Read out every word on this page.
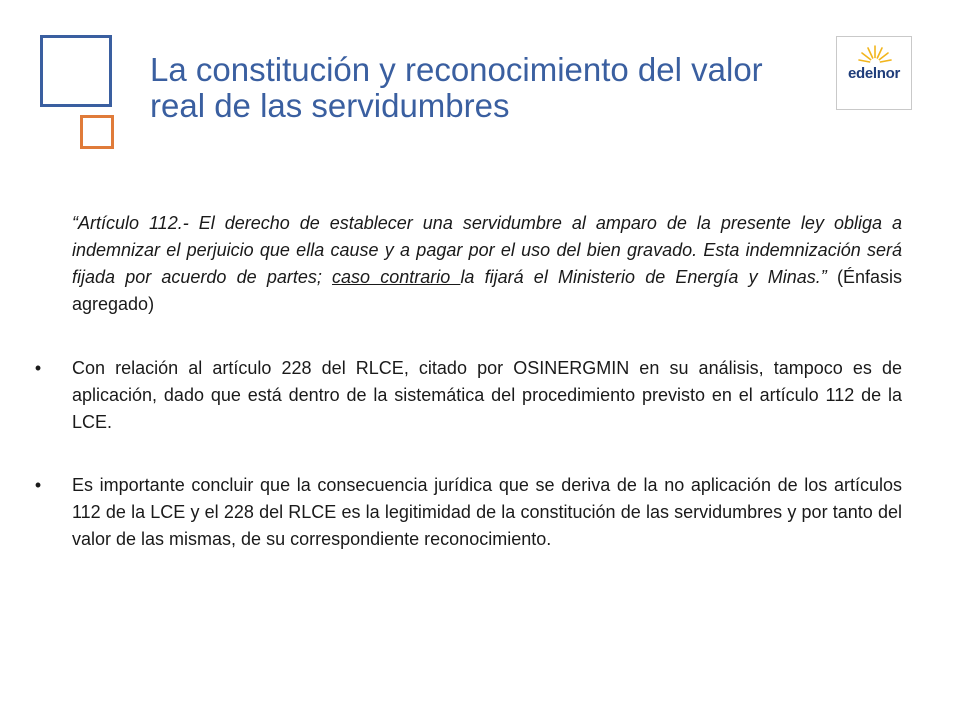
La constitución y reconocimiento del valor real de las servidumbres
edelnor

“Artículo 112.- El derecho de establecer una servidumbre al amparo de la presente ley obliga a indemnizar el perjuicio que ella cause y a pagar por el uso del bien gravado. Esta indemnización será fijada por acuerdo de partes; caso contrario la fijará el Ministerio de Energía y Minas.” (Énfasis agregado)

•	Con relación al artículo 228 del RLCE, citado por OSINERGMIN en su análisis, tampoco es de aplicación, dado que está dentro de la sistemática del procedimiento previsto en el artículo 112 de la LCE.
•	Es importante concluir que la consecuencia jurídica que se deriva de la no aplicación de los artículos 112 de la LCE y el 228 del RLCE es la legitimidad de la constitución de las servidumbres y por tanto del valor de las mismas, de su correspondiente reconocimiento.
